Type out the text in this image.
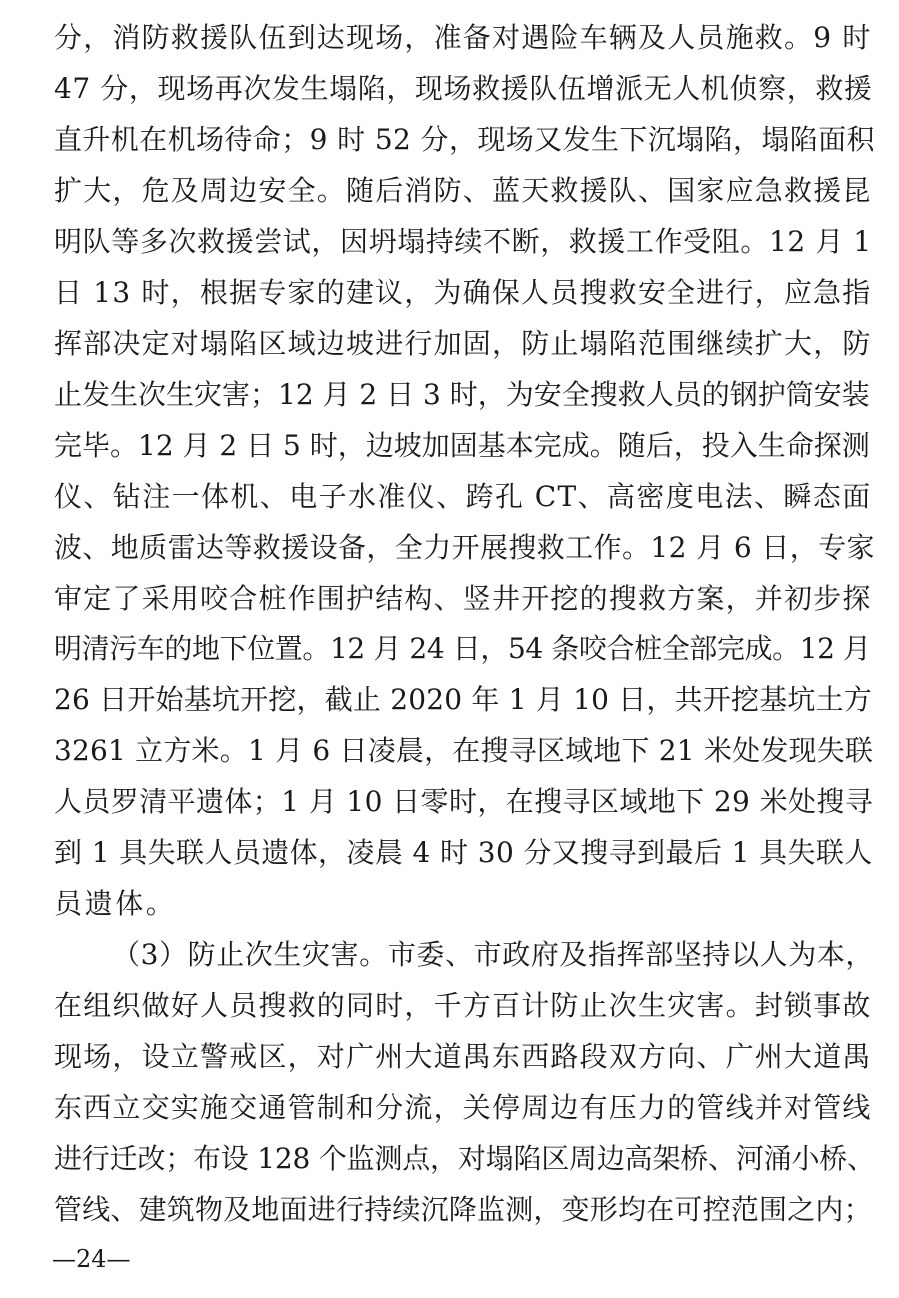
分，消防救援队伍到达现场，准备对遇险车辆及人员施救。9 时
47 分，现场再次发生塌陷，现场救援队伍增派无人机侦察，救援
直升机在机场待命；9 时 52 分，现场又发生下沉塌陷，塌陷面积
扩大，危及周边安全。随后消防、蓝天救援队、国家应急救援昆
明队等多次救援尝试，因坍塌持续不断，救援工作受阻。12 月 1
日 13 时，根据专家的建议，为确保人员搜救安全进行，应急指
挥部决定对塌陷区域边坡进行加固，防止塌陷范围继续扩大，防
止发生次生灾害；12 月 2 日 3 时，为安全搜救人员的钢护筒安装
完毕。12 月 2 日 5 时，边坡加固基本完成。随后，投入生命探测
仪、钻注一体机、电子水准仪、跨孔 CT、高密度电法、瞬态面
波、地质雷达等救援设备，全力开展搜救工作。12 月 6 日，专家
审定了采用咬合桩作围护结构、竖井开挖的搜救方案，并初步探
明清污车的地下位置。12 月 24 日，54 条咬合桩全部完成。12 月
26 日开始基坑开挖，截止 2020 年 1 月 10 日，共开挖基坑土方
3261 立方米。1 月 6 日凌晨，在搜寻区域地下 21 米处发现失联
人员罗清平遗体；1 月 10 日零时，在搜寻区域地下 29 米处搜寻
到 1 具失联人员遗体，凌晨 4 时 30 分又搜寻到最后 1 具失联人
员遗体。
（3）防止次生灾害。市委、市政府及指挥部坚持以人为本，
在组织做好人员搜救的同时，千方百计防止次生灾害。封锁事故
现场，设立警戒区，对广州大道禺东西路段双方向、广州大道禺
东西立交实施交通管制和分流，关停周边有压力的管线并对管线
进行迁改；布设 128 个监测点，对塌陷区周边高架桥、河涌小桥、
管线、建筑物及地面进行持续沉降监测，变形均在可控范围之内；
—24—
